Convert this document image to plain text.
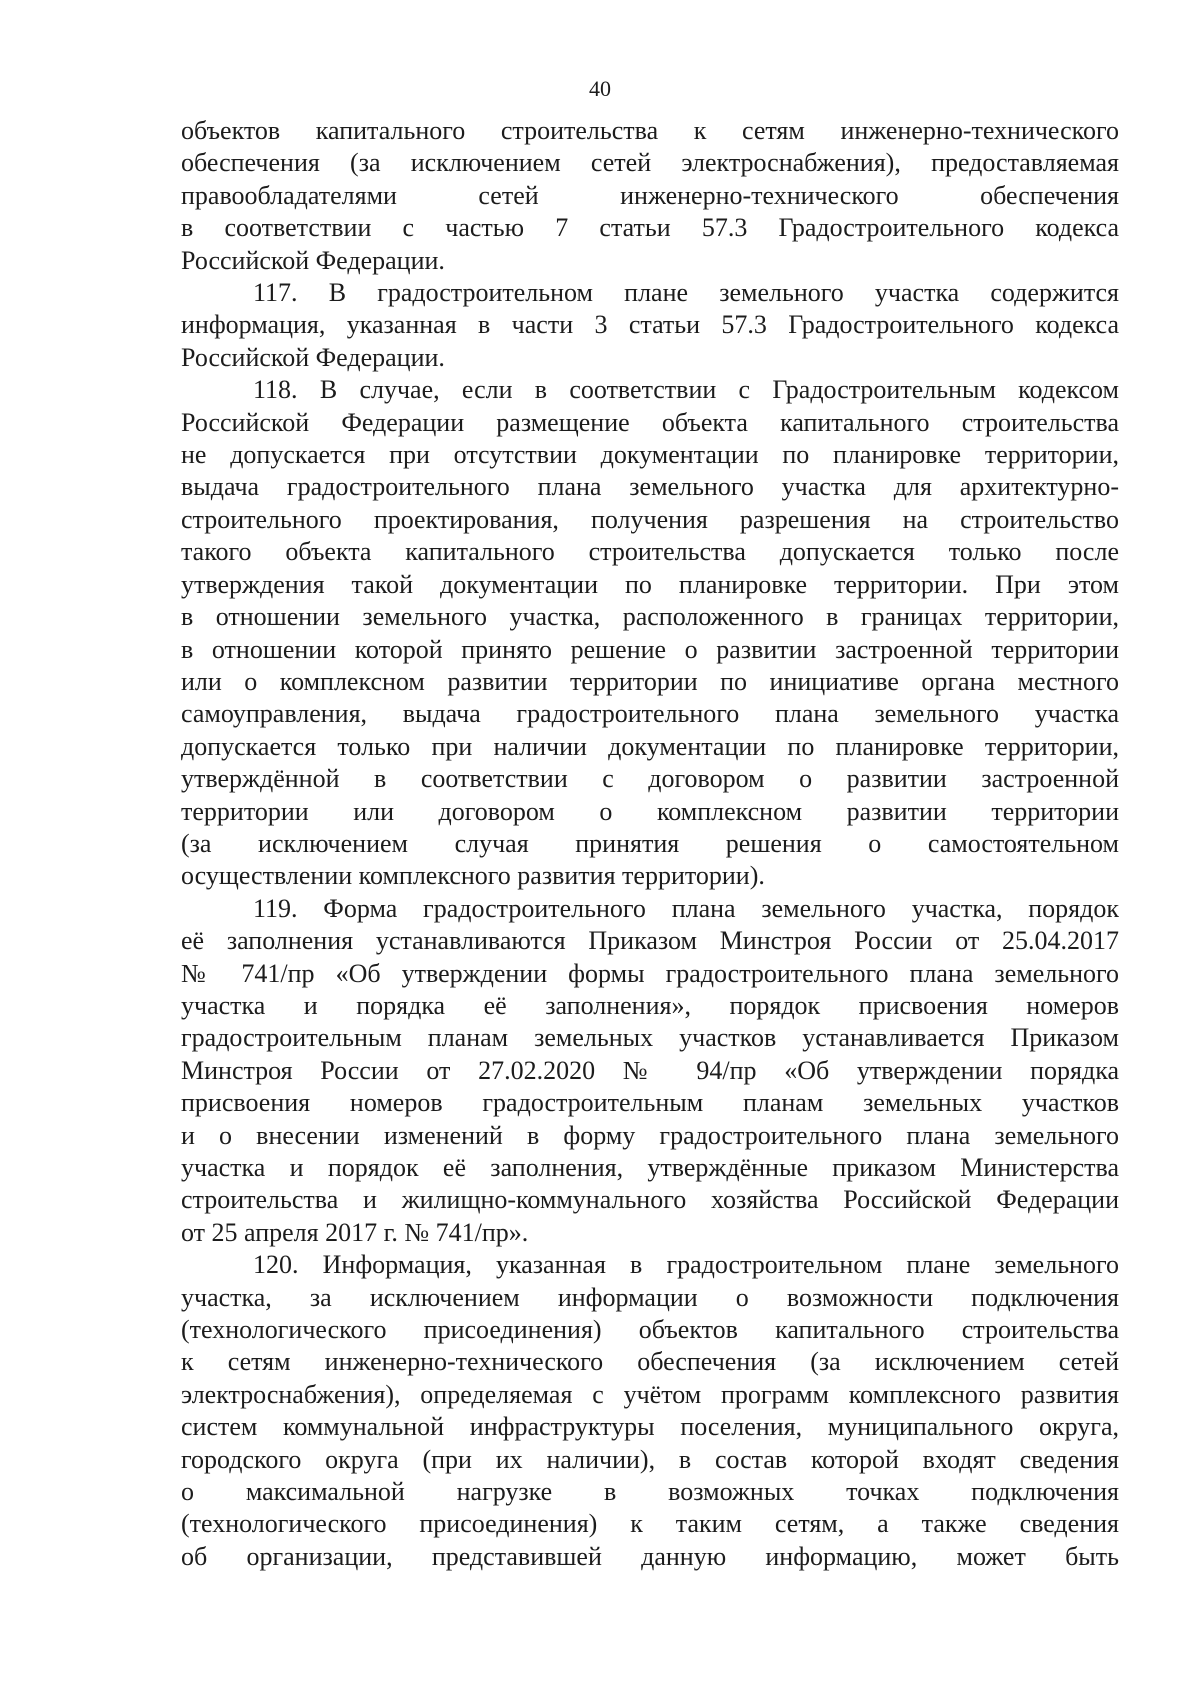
40
объектов капитального строительства к сетям инженерно-технического
обеспечения (за исключением сетей электроснабжения), предоставляемая
правообладателями сетей инженерно-технического обеспечения
в соответствии с частью 7 статьи 57.3 Градостроительного кодекса
Российской Федерации.
117. В градостроительном плане земельного участка содержится
информация, указанная в части 3 статьи 57.3 Градостроительного кодекса
Российской Федерации.
118. В случае, если в соответствии с Градостроительным кодексом
Российской Федерации размещение объекта капитального строительства
не допускается при отсутствии документации по планировке территории,
выдача градостроительного плана земельного участка для архитектурно-
строительного проектирования, получения разрешения на строительство
такого объекта капитального строительства допускается только после
утверждения такой документации по планировке территории. При этом
в отношении земельного участка, расположенного в границах территории,
в отношении которой принято решение о развитии застроенной территории
или о комплексном развитии территории по инициативе органа местного
самоуправления, выдача градостроительного плана земельного участка
допускается только при наличии документации по планировке территории,
утверждённой в соответствии с договором о развитии застроенной
территории или договором о комплексном развитии территории
(за исключением случая принятия решения о самостоятельном
осуществлении комплексного развития территории).
119. Форма градостроительного плана земельного участка, порядок
её заполнения устанавливаются Приказом Минстроя России от 25.04.2017
№ 741/пр «Об утверждении формы градостроительного плана земельного
участка и порядка её заполнения», порядок присвоения номеров
градостроительным планам земельных участков устанавливается Приказом
Минстроя России от 27.02.2020 № 94/пр «Об утверждении порядка
присвоения номеров градостроительным планам земельных участков
и о внесении изменений в форму градостроительного плана земельного
участка и порядок её заполнения, утверждённые приказом Министерства
строительства и жилищно-коммунального хозяйства Российской Федерации
от 25 апреля 2017 г. № 741/пр».
120. Информация, указанная в градостроительном плане земельного
участка, за исключением информации о возможности подключения
(технологического присоединения) объектов капитального строительства
к сетям инженерно-технического обеспечения (за исключением сетей
электроснабжения), определяемая с учётом программ комплексного развития
систем коммунальной инфраструктуры поселения, муниципального округа,
городского округа (при их наличии), в состав которой входят сведения
о максимальной нагрузке в возможных точках подключения
(технологического присоединения) к таким сетям, а также сведения
об организации, представившей данную информацию, может быть
